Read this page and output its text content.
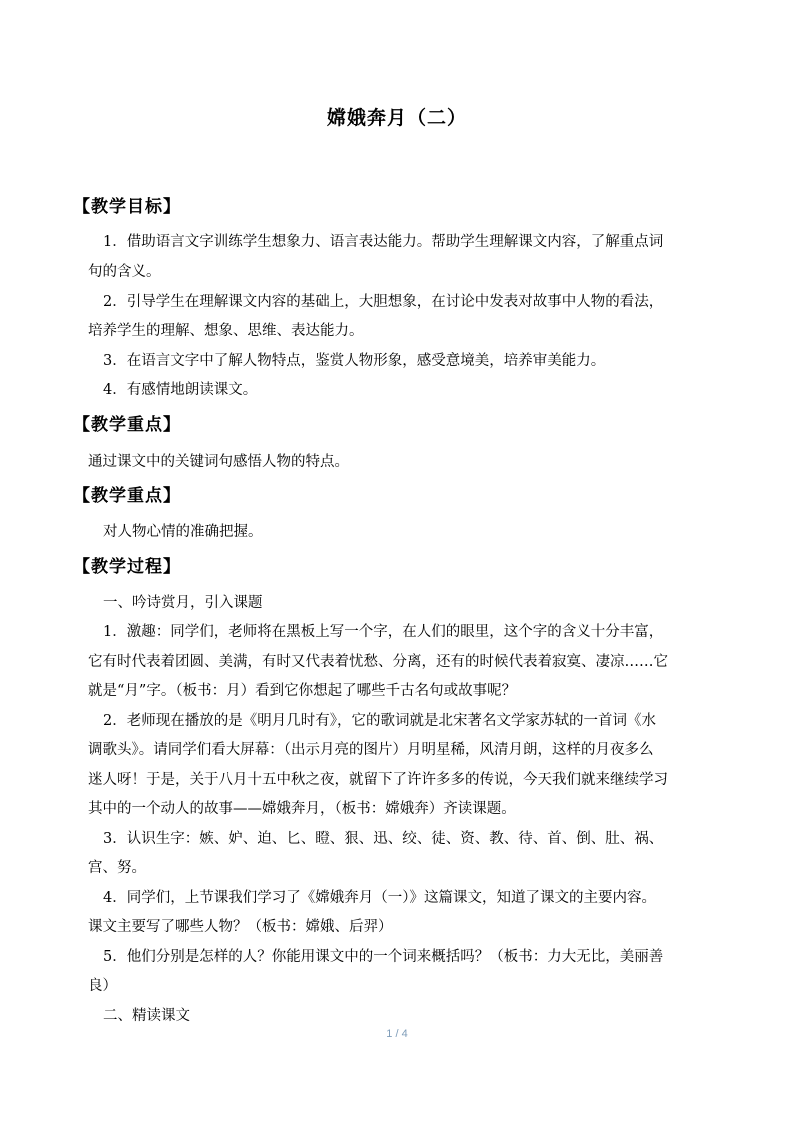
嫦娥奔月（二）
【教学目标】
1．借助语言文字训练学生想象力、语言表达能力。帮助学生理解课文内容，了解重点词
句的含义。
2．引导学生在理解课文内容的基础上，大胆想象，在讨论中发表对故事中人物的看法，
培养学生的理解、想象、思维、表达能力。
3．在语言文字中了解人物特点，鉴赏人物形象，感受意境美，培养审美能力。
4．有感情地朗读课文。
【教学重点】
通过课文中的关键词句感悟人物的特点。
【教学重点】
对人物心情的准确把握。
【教学过程】
一、吟诗赏月，引入课题
1．激趣：同学们，老师将在黑板上写一个字，在人们的眼里，这个字的含义十分丰富，
它有时代表着团圆、美满，有时又代表着忧愁、分离，还有的时候代表着寂寞、凄凉……它
就是“月”字。（板书：月）看到它你想起了哪些千古名句或故事呢？
2．老师现在播放的是《明月几时有》，它的歌词就是北宋著名文学家苏轼的一首词《水
调歌头》。请同学们看大屏幕：（出示月亮的图片）月明星稀，风清月朗，这样的月夜多么
迷人呀！于是，关于八月十五中秋之夜，就留下了许许多多的传说，今天我们就来继续学习
其中的一个动人的故事——嫦娥奔月，（板书：嫦娥奔）齐读课题。
3．认识生字：嫉、妒、迫、匕、瞪、狠、迅、绞、徒、资、教、待、首、倒、肚、祸、
宫、努。
4．同学们，上节课我们学习了《嫦娥奔月（一）》这篇课文，知道了课文的主要内容。
课文主要写了哪些人物？（板书：嫦娥、后羿）
5．他们分别是怎样的人？你能用课文中的一个词来概括吗？（板书：力大无比，美丽善
良）
二、精读课文
1 / 4
